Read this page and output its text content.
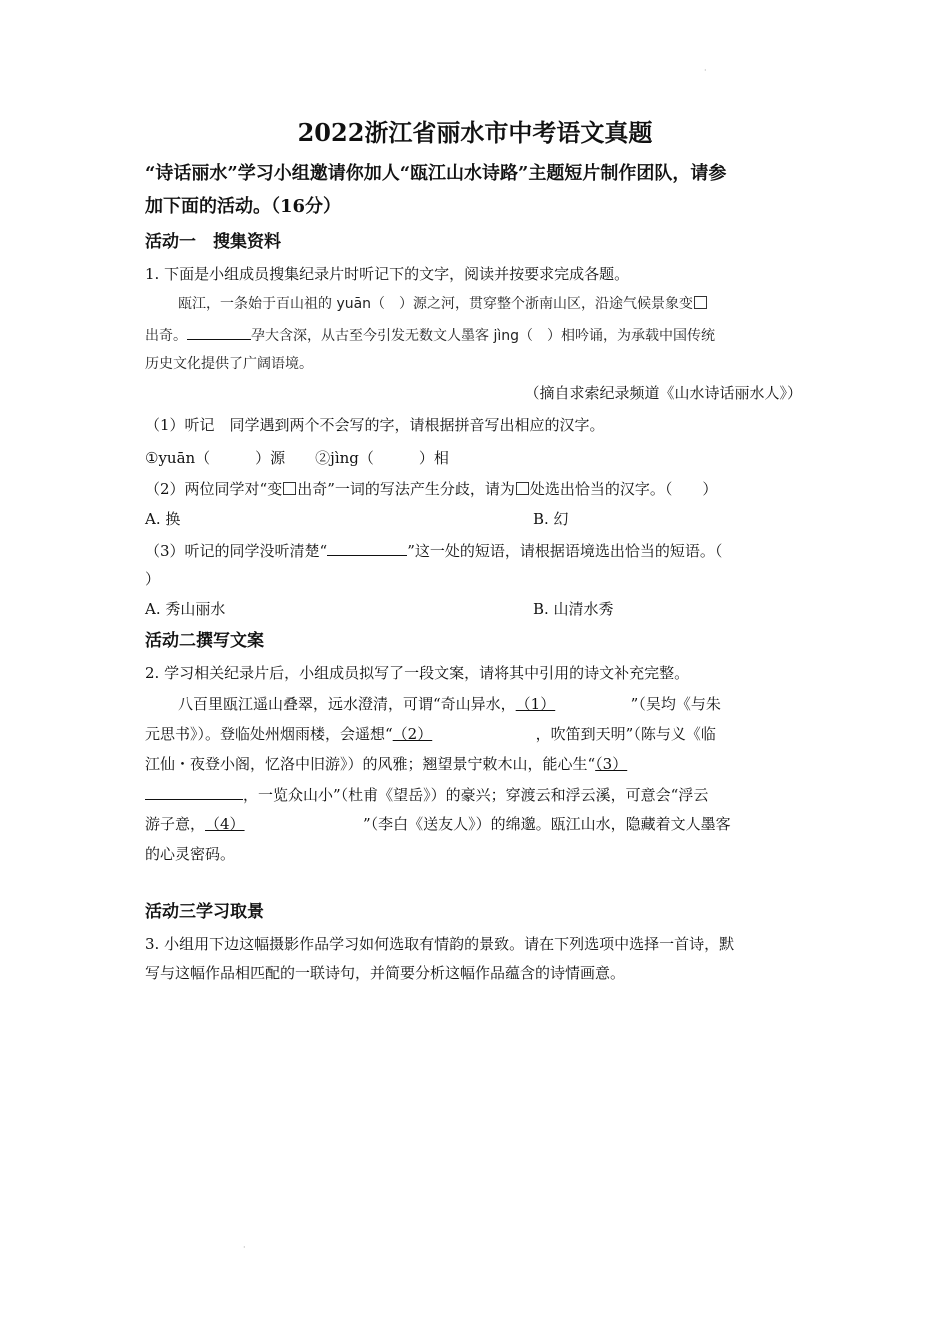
·
2022浙江省丽水市中考语文真题
“诗话丽水”学习小组邀请你加人“瓯江山水诗路”主题短片制作团队，请参
加下面的活动。（16分）
活动一　搜集资料
1. 下面是小组成员搜集纪录片时听记下的文字，阅读并按要求完成各题。
瓯江，一条始于百山祖的 yuān（　）源之河，贯穿整个浙南山区，沿途气候景象变
出奇。	孕大含深，从古至今引发无数文人墨客 jìng（　）相吟诵，为承载中国传统
历史文化提供了广阔语境。
（摘自求索纪录频道《山水诗话丽水人》）
（1）听记　同学遇到两个不会写的字，请根据拼音写出相应的汉字。
①yuān（　　　）源　　②jìng（　　　）相
（2）两位同学对“变 出奇”一词的写法产生分歧，请为 处选出恰当的汉字。（　　）
A. 换	B. 幻
（3）听记的同学没听清楚“	”这一处的短语，请根据语境选出恰当的短语。（
）
A. 秀山丽水	B. 山清水秀
活动二撰写文案
2. 学习相关纪录片后，小组成员拟写了一段文案，请将其中引用的诗文补充完整。
八百里瓯江遥山叠翠，远水澄清，可谓“奇山异水，（1）	”（吴均《与朱
元思书》）。登临处州烟雨楼，会遥想“（2）	，吹笛到天明”（陈与义《临
江仙・夜登小阁，忆洛中旧游》）的风雅；翘望景宁敕木山，能心生“（3）
，一览众山小”（杜甫《望岳》）的豪兴；穿渡云和浮云溪，可意会“浮云
游子意，（4）	”（李白《送友人》）的绵邈。瓯江山水，隐藏着文人墨客
的心灵密码。
活动三学习取景
3. 小组用下边这幅摄影作品学习如何选取有情韵的景致。请在下列选项中选择一首诗，默
写与这幅作品相匹配的一联诗句，并简要分析这幅作品蕴含的诗情画意。
·
